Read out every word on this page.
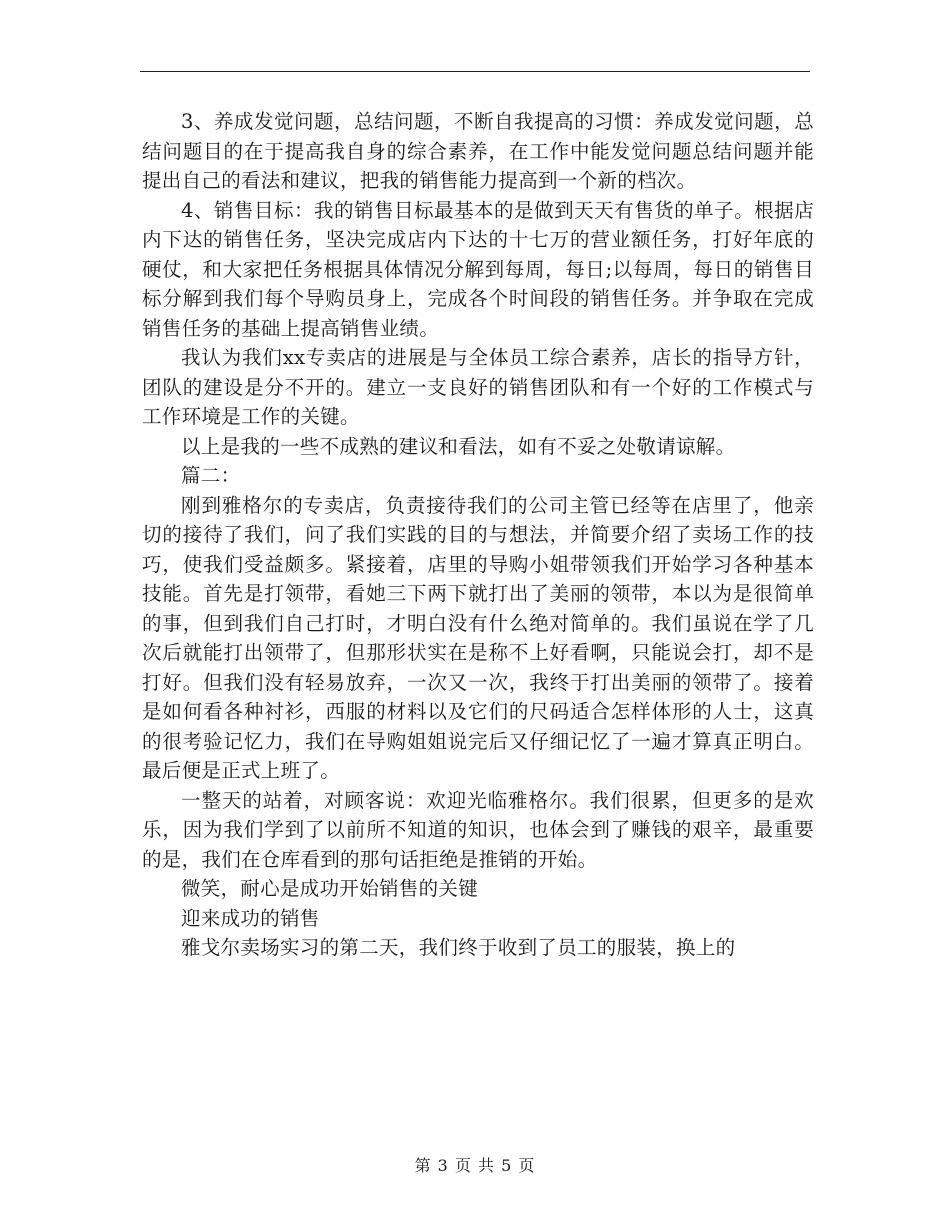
3、养成发觉问题，总结问题，不断自我提高的习惯：养成发觉问题，总结问题目的在于提高我自身的综合素养，在工作中能发觉问题总结问题并能提出自己的看法和建议，把我的销售能力提高到一个新的档次。

4、销售目标：我的销售目标最基本的是做到天天有售货的单子。根据店内下达的销售任务，坚决完成店内下达的十七万的营业额任务，打好年底的硬仗，和大家把任务根据具体情况分解到每周，每日;以每周，每日的销售目标分解到我们每个导购员身上，完成各个时间段的销售任务。并争取在完成销售任务的基础上提高销售业绩。

我认为我们xx专卖店的进展是与全体员工综合素养，店长的指导方针，团队的建设是分不开的。建立一支良好的销售团队和有一个好的工作模式与工作环境是工作的关键。

以上是我的一些不成熟的建议和看法，如有不妥之处敬请谅解。

篇二：

刚到雅格尔的专卖店，负责接待我们的公司主管已经等在店里了，他亲切的接待了我们，问了我们实践的目的与想法，并简要介绍了卖场工作的技巧，使我们受益颇多。紧接着，店里的导购小姐带领我们开始学习各种基本技能。首先是打领带，看她三下两下就打出了美丽的领带，本以为是很简单的事，但到我们自己打时，才明白没有什么绝对简单的。我们虽说在学了几次后就能打出领带了，但那形状实在是称不上好看啊，只能说会打，却不是打好。但我们没有轻易放弃，一次又一次，我终于打出美丽的领带了。接着是如何看各种衬衫，西服的材料以及它们的尺码适合怎样体形的人士，这真的很考验记忆力，我们在导购姐姐说完后又仔细记忆了一遍才算真正明白。最后便是正式上班了。

一整天的站着，对顾客说：欢迎光临雅格尔。我们很累，但更多的是欢乐，因为我们学到了以前所不知道的知识，也体会到了赚钱的艰辛，最重要的是，我们在仓库看到的那句话拒绝是推销的开始。

微笑，耐心是成功开始销售的关键

迎来成功的销售

雅戈尔卖场实习的第二天，我们终于收到了员工的服装，换上的

第 3 页 共 5 页
